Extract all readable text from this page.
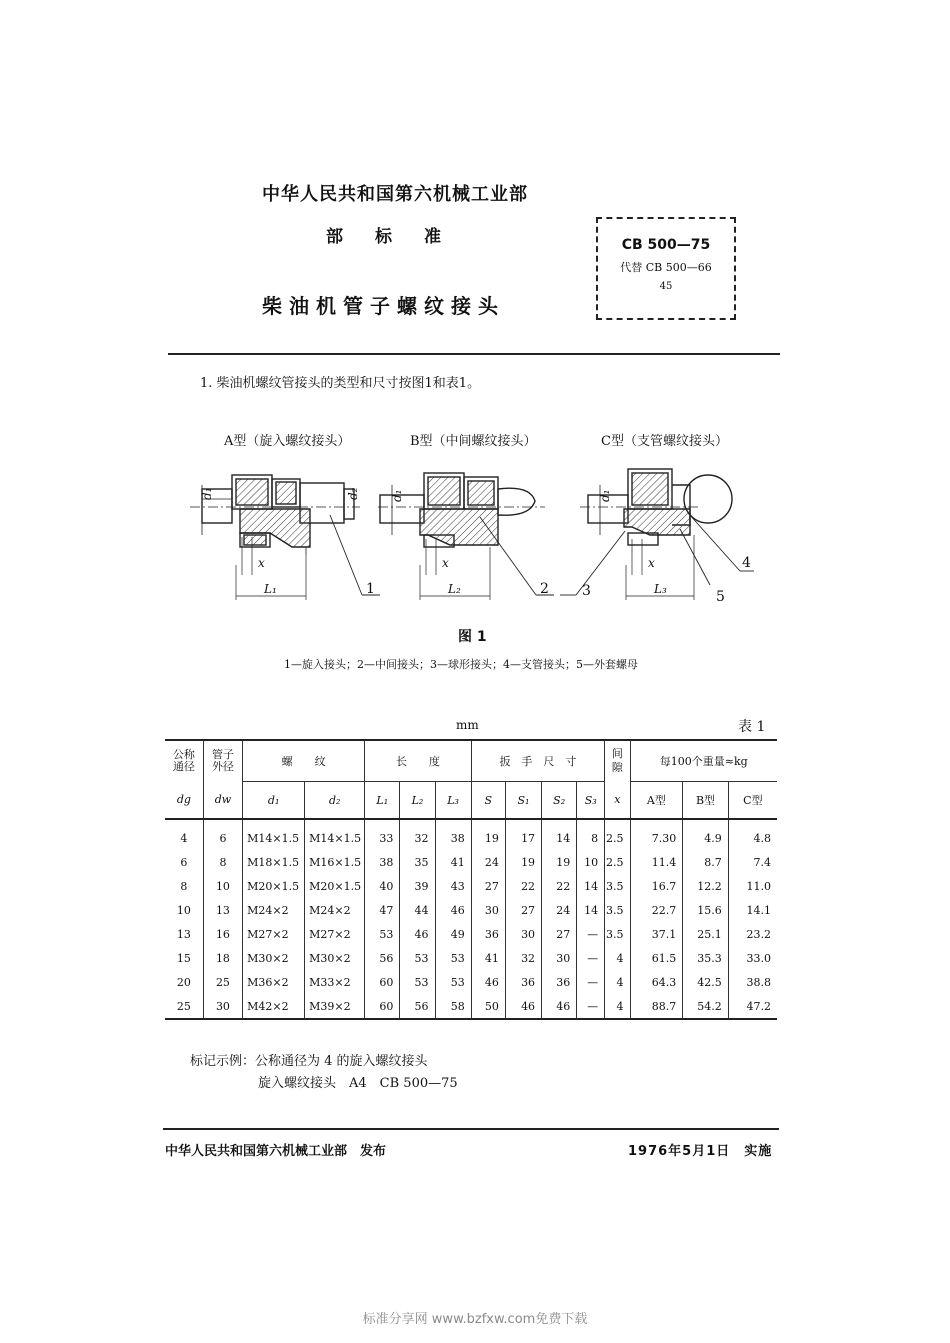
中华人民共和国第六机械工业部
部标准
柴油机管子螺纹接头
CB 500—75
代替 CB 500—66
45
1. 柴油机螺纹管接头的类型和尺寸按图1和表1。
A型（旋入螺纹接头）	B型（中间螺纹接头）	C型（支管螺纹接头）
d₁	d₂
x
L₁	1
d₁
x
L₂	2
d₁
x
L₃
3	5
4
图 1
1—旋入接头；2—中间接头；3—球形接头；4—支管接头；5—外套螺母
mm	表 1
公称通径	管子外径	螺　　纹		长　　度			扳　手　尺　寸				间隙	每100个重量≈kg		
dg	dw	d₁	d₂	L₁	L₂	L₃	S	S₁	S₂	S₃	x	A型	B型	C型
4	6	M14×1.5	M14×1.5	33	32	38	19	17	14	8	2.5	7.30	4.9	4.8
6	8	M18×1.5	M16×1.5	38	35	41	24	19	19	10	2.5	11.4	8.7	7.4
8	10	M20×1.5	M20×1.5	40	39	43	27	22	22	14	3.5	16.7	12.2	11.0
10	13	M24×2	M24×2	47	44	46	30	27	24	14	3.5	22.7	15.6	14.1
13	16	M27×2	M27×2	53	46	49	36	30	27	—	3.5	37.1	25.1	23.2
15	18	M30×2	M30×2	56	53	53	41	32	30	—	4	61.5	35.3	33.0
20	25	M36×2	M33×2	60	53	53	46	36	36	—	4	64.3	42.5	38.8
25	30	M42×2	M39×2	60	56	58	50	46	46	—	4	88.7	54.2	47.2
标记示例：公称通径为 4 的旋入螺纹接头
旋入螺纹接头　A4　CB 500—75
中华人民共和国第六机械工业部　发布	1976年5月1日　实施
标准分享网 www.bzfxw.com免费下载
